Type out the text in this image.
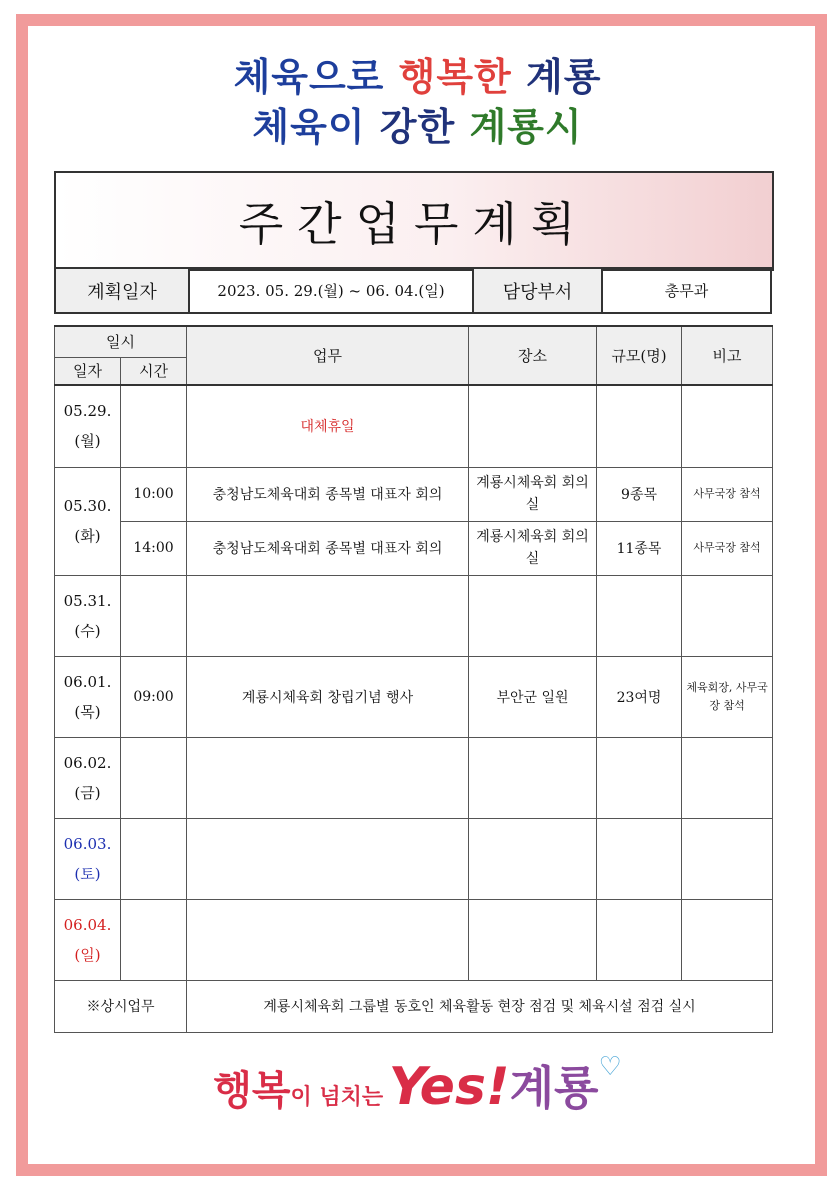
체육으로 행복한 계룡
체육이 강한 계룡시
주간업무계획
계획일자	2023. 05. 29.(월) ~ 06. 04.(일)	담당부서	총무과
일시		업무	장소	규모(명)	비고
일자	시간				

05.29.
(월)		대체휴일			

05.30.
(화)	10:00	충청남도체육대회 종목별 대표자 회의	계룡시체육회 회의실	9종목	사무국장 참석
	14:00	충청남도체육대회 종목별 대표자 회의	계룡시체육회 회의실	11종목	사무국장 참석

05.31.
(수)					

06.01.
(목)	09:00	계룡시체육회 창립기념 행사	부안군 일원	23여명	체육회장, 사무국장 참석

06.02.
(금)					

06.03.
(토)					

06.04.
(일)					

※상시업무		계룡시체육회 그룹별 동호인 체육활동 현장 점검 및 체육시설 점검 실시			
행복이 넘치는 Yes!계룡♡
